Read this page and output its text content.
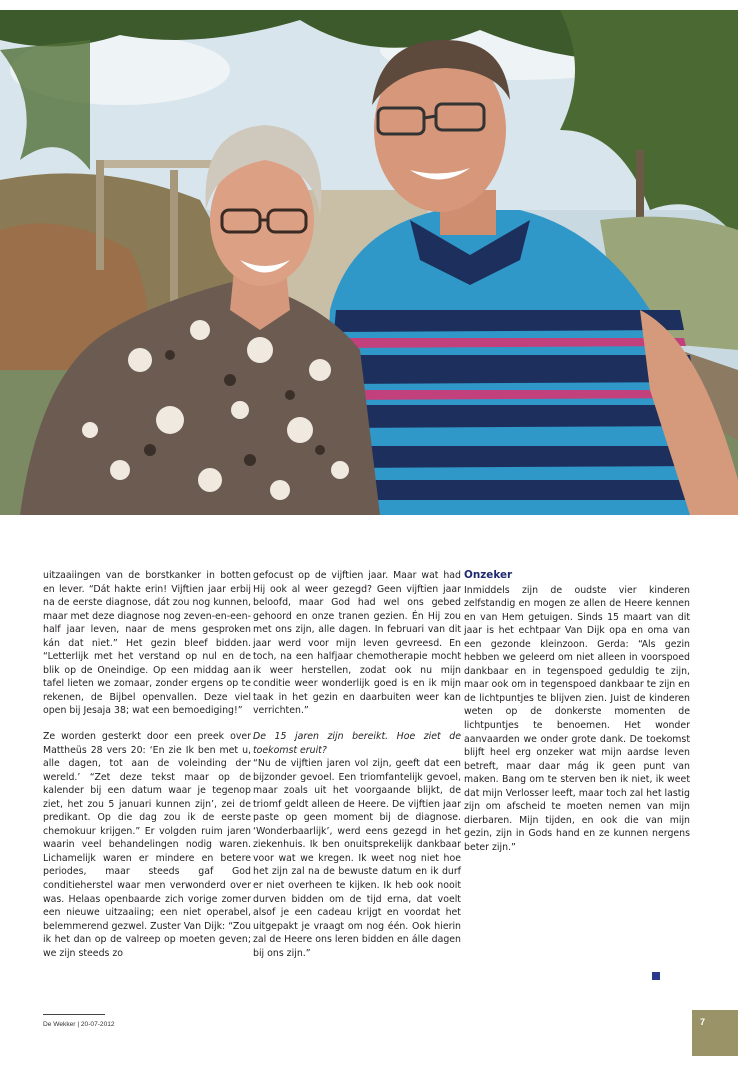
uitzaaiingen van de borstkanker in botten en lever. “Dát hakte erin! Vijftien jaar erbij na de eerste diagnose, dát zou nog kunnen, maar met deze diagnose nog zeven-en-een-half jaar leven, naar de mens gesproken kán dat niet.” Het gezin bleef bidden. “Letterlijk met het verstand op nul en de blik op de Oneindige. Op een middag aan tafel lieten we zomaar, zonder ergens op te rekenen, de Bijbel openvallen. Deze viel open bij Jesaja 38; wat een bemoediging!”

Ze worden gesterkt door een preek over Mattheüs 28 vers 20: ‘En zie Ik ben met u, alle dagen, tot aan de voleinding der wereld.’ “Zet deze tekst maar op de kalender bij een datum waar je tegenop ziet, het zou 5 januari kunnen zijn’, zei de predikant. Op die dag zou ik de eerste chemokuur krijgen.” Er volgden ruim jaren waarin veel behandelingen nodig waren. Lichamelijk waren er mindere en betere periodes, maar steeds gaf God conditieherstel waar men verwonderd over was. Helaas openbaarde zich vorige zomer een nieuwe uitzaaiing; een niet operabel, belemmerend gezwel. Zuster Van Dijk: “Zou ik het dan op de valreep op moeten geven; we zijn steeds zo

gefocust op de vijftien jaar. Maar wat had Hij ook al weer gezegd? Geen vijftien jaar beloofd, maar God had wel ons gebed gehoord en onze tranen gezien. Én Hij zou met ons zijn, alle dagen. In februari van dit jaar werd voor mijn leven gevreesd. En toch, na een halfjaar chemotherapie mocht ik weer herstellen, zodat ook nu mijn conditie weer wonderlijk goed is en ik mijn taak in het gezin en daarbuiten weer kan verrichten.”

De 15 jaren zijn bereikt. Hoe ziet de toekomst eruit?

“Nu de vijftien jaren vol zijn, geeft dat een bijzonder gevoel. Een triomfantelijk gevoel, maar zoals uit het voorgaande blijkt, de triomf geldt alleen de Heere. De vijftien jaar paste op geen moment bij de diagnose. ‘Wonderbaarlijk’, werd eens gezegd in het ziekenhuis. Ik ben onuitsprekelijk dankbaar voor wat we kregen. Ik weet nog niet hoe het zijn zal na de bewuste datum en ik durf er niet overheen te kijken. Ik heb ook nooit durven bidden om de tijd erna, dat voelt alsof je een cadeau krijgt en voordat het uitgepakt je vraagt om nog één. Ook hierin zal de Heere ons leren bidden en álle dagen bij ons zijn.”

Onzeker

Inmiddels zijn de oudste vier kinderen zelfstandig en mogen ze allen de Heere kennen en van Hem getuigen. Sinds 15 maart van dit jaar is het echtpaar Van Dijk opa en oma van een gezonde kleinzoon. Gerda: “Als gezin hebben we geleerd om niet alleen in voorspoed dankbaar en in tegenspoed geduldig te zijn, maar ook om in tegenspoed dankbaar te zijn en de lichtpuntjes te blijven zien. Juist de kinderen weten op de donkerste momenten de lichtpuntjes te benoemen. Het wonder aanvaarden we onder grote dank. De toekomst blijft heel erg onzeker wat mijn aardse leven betreft, maar daar mág ik geen punt van maken. Bang om te sterven ben ik niet, ik weet dat mijn Verlosser leeft, maar toch zal het lastig zijn om afscheid te moeten nemen van mijn dierbaren. Mijn tijden, en ook die van mijn gezin, zijn in Gods hand en ze kunnen nergens beter zijn.”

De Wekker | 20-07-2012	7
